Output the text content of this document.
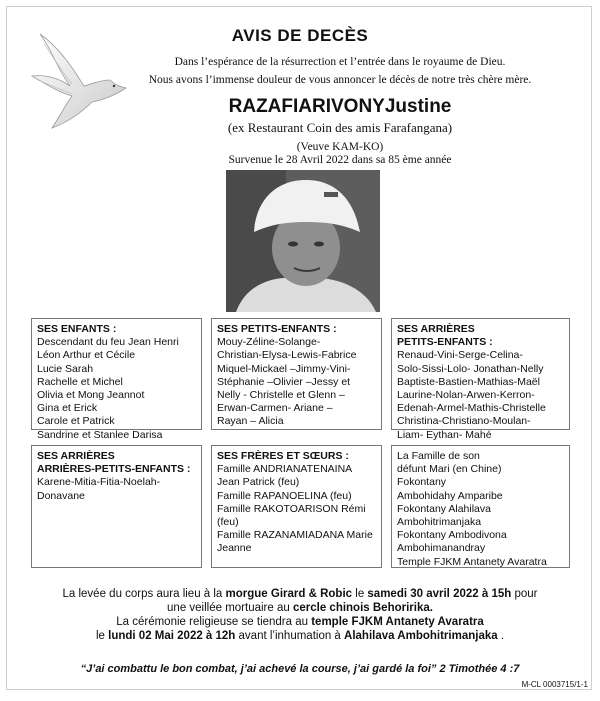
AVIS DE DECÈS
Dans l’espérance de la résurrection et l’entrée dans le royaume de Dieu.
Nous avons l’immense douleur de vous annoncer le décès de notre très chère mère.
RAZAFIARIVONYJustine
(ex Restaurant Coin des amis Farafangana)
(Veuve KAM-KO)
Survenue le 28 Avril 2022 dans sa 85 ème année
SES ENFANTS :
Descendant du feu Jean Henri
Léon Arthur et Cécile
Lucie Sarah
Rachelle et Michel
Olivia et Mong Jeannot
Gina et Erick
Carole et Patrick
Sandrine et Stanlee Darisa
SES PETITS-ENFANTS :
Mouy-Zéline-Solange-
Christian-Elysa-Lewis-Fabrice
Miquel-Mickael –Jimmy-Vini-
Stéphanie –Olivier –Jessy et
Nelly - Christelle et Glenn –
Erwan-Carmen- Ariane –
Rayan – Alicia
SES ARRIÈRES
PETITS-ENFANTS :
Renaud-Vini-Serge-Celina-
Solo-Sissi-Lolo- Jonathan-Nelly
Baptiste-Bastien-Mathias-Maël
Laurine-Nolan-Arwen-Kerron-
Edenah-Armel-Mathis-Christelle
Christina-Christiano-Moulan-
Liam- Eythan- Mahé
SES ARRIÈRES
ARRIÈRES-PETITS-ENFANTS :
Karene-Mitia-Fitia-Noelah-
Donavane
SES FRÈRES ET SŒURS :
Famille ANDRIANATENAINA
Jean Patrick (feu)
Famille RAPANOELINA (feu)
Famille RAKOTOARISON Rémi
(feu)
Famille RAZANAMIADANA Marie
Jeanne
La Famille de son
défunt Mari (en Chine)
Fokontany
Ambohidahy Amparibe
Fokontany Alahilava
Ambohitrimanjaka
Fokontany Ambodivona
Ambohimanandray
Temple FJKM Antanety Avaratra
La levée du corps aura lieu à la morgue Girard & Robic le samedi 30 avril 2022 à 15h pour
une veillée mortuaire au cercle chinois Behoririka.
La cérémonie religieuse se tiendra au temple FJKM Antanety Avaratra
le lundi 02 Mai 2022 à 12h avant l’inhumation à Alahilava Ambohitrimanjaka .
“J’ai combattu le bon combat, j’ai achevé la course, j’ai gardé la foi” 2 Timothée 4 :7
M-CL 0003715/1-1
